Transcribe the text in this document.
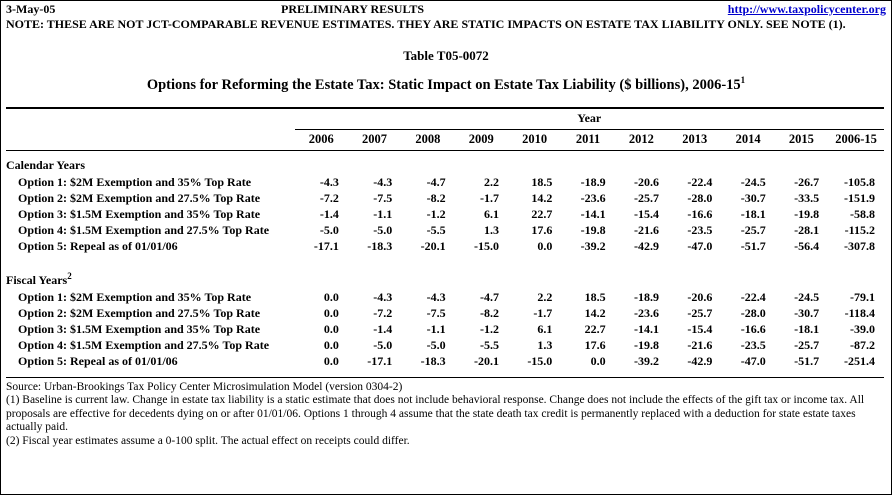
3-May-05	PRELIMINARY RESULTS	http://www.taxpolicycenter.org
NOTE: THESE ARE NOT JCT-COMPARABLE REVENUE ESTIMATES. THEY ARE STATIC IMPACTS ON ESTATE TAX LIABILITY ONLY. SEE NOTE (1).
Table T05-0072
Options for Reforming the Estate Tax: Static Impact on Estate Tax Liability ($ billions), $2006-15^1$

	Year										
	2006	2007	2008	2009	2010	2011	2012	2013	2014	2015	2006-15

Calendar Years											
Option 1: $2M Exemption and 35% Top Rate	-4.3	-4.3	-4.7	2.2	18.5	-18.9	-20.6	-22.4	-24.5	-26.7	-105.8
Option 2: $2M Exemption and 27.5% Top Rate	-7.2	-7.5	-8.2	-1.7	14.2	-23.6	-25.7	-28.0	-30.7	-33.5	-151.9
Option 3: $1.5M Exemption and 35% Top Rate	-1.4	-1.1	-1.2	6.1	22.7	-14.1	-15.4	-16.6	-18.1	-19.8	-58.8
Option 4: $1.5M Exemption and 27.5% Top Rate	-5.0	-5.0	-5.5	1.3	17.6	-19.8	-21.6	-23.5	-25.7	-28.1	-115.2
Option 5: Repeal as of 01/01/06	-17.1	-18.3	-20.1	-15.0	0.0	-39.2	-42.9	-47.0	-51.7	-56.4	-307.8

Fiscal Years$^2$											
Option 1: $2M Exemption and 35% Top Rate	0.0	-4.3	-4.3	-4.7	2.2	18.5	-18.9	-20.6	-22.4	-24.5	-79.1
Option 2: $2M Exemption and 27.5% Top Rate	0.0	-7.2	-7.5	-8.2	-1.7	14.2	-23.6	-25.7	-28.0	-30.7	-118.4
Option 3: $1.5M Exemption and 35% Top Rate	0.0	-1.4	-1.1	-1.2	6.1	22.7	-14.1	-15.4	-16.6	-18.1	-39.0
Option 4: $1.5M Exemption and 27.5% Top Rate	0.0	-5.0	-5.0	-5.5	1.3	17.6	-19.8	-21.6	-23.5	-25.7	-87.2
Option 5: Repeal as of 01/01/06	0.0	-17.1	-18.3	-20.1	-15.0	0.0	-39.2	-42.9	-47.0	-51.7	-251.4

Source: Urban-Brookings Tax Policy Center Microsimulation Model (version 0304-2)
(1) Baseline is current law. Change in estate tax liability is a static estimate that does not include behavioral response. Change does not include the effects of the gift tax or income tax. All proposals are effective for decedents dying on or after 01/01/06. Options 1 through 4 assume that the state death tax credit is permanently replaced with a deduction for state estate taxes actually paid.
(2) Fiscal year estimates assume a 0-100 split. The actual effect on receipts could differ.
